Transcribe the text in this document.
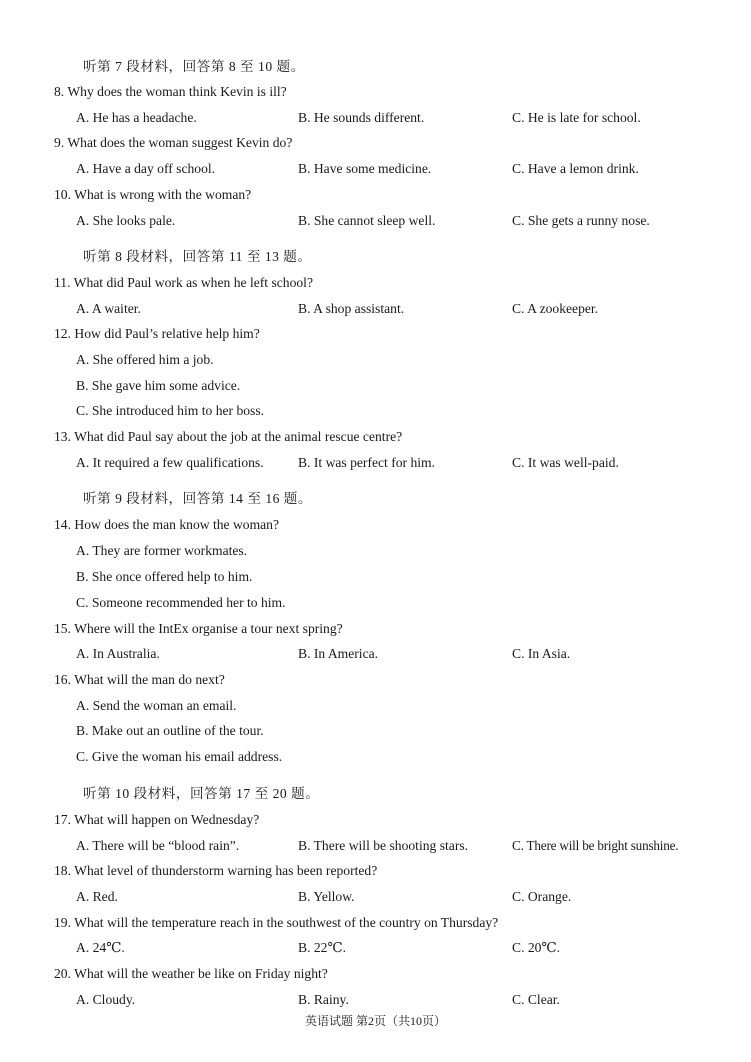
听第 7 段材料，回答第 8 至 10 题。
8. Why does the woman think Kevin is ill?
A. He has a headache.	B. He sounds different.	C. He is late for school.
9. What does the woman suggest Kevin do?
A. Have a day off school.	B. Have some medicine.	C. Have a lemon drink.
10. What is wrong with the woman?
A. She looks pale.	B. She cannot sleep well.	C. She gets a runny nose.
听第 8 段材料，回答第 11 至 13 题。
11. What did Paul work as when he left school?
A. A waiter.	B. A shop assistant.	C. A zookeeper.
12. How did Paul’s relative help him?
A. She offered him a job.
B. She gave him some advice.
C. She introduced him to her boss.
13. What did Paul say about the job at the animal rescue centre?
A. It required a few qualifications.	B. It was perfect for him.	C. It was well-paid.
听第 9 段材料，回答第 14 至 16 题。
14. How does the man know the woman?
A. They are former workmates.
B. She once offered help to him.
C. Someone recommended her to him.
15. Where will the IntEx organise a tour next spring?
A. In Australia.	B. In America.	C. In Asia.
16. What will the man do next?
A. Send the woman an email.
B. Make out an outline of the tour.
C. Give the woman his email address.
听第 10 段材料，回答第 17 至 20 题。
17. What will happen on Wednesday?
A. There will be “blood rain”.	B. There will be shooting stars.	C. There will be bright sunshine.
18. What level of thunderstorm warning has been reported?
A. Red.	B. Yellow.	C. Orange.
19. What will the temperature reach in the southwest of the country on Thursday?
A. 24℃.	B. 22℃.	C. 20℃.
20. What will the weather be like on Friday night?
A. Cloudy.	B. Rainy.	C. Clear.
英语试题 第2页（共10页）
